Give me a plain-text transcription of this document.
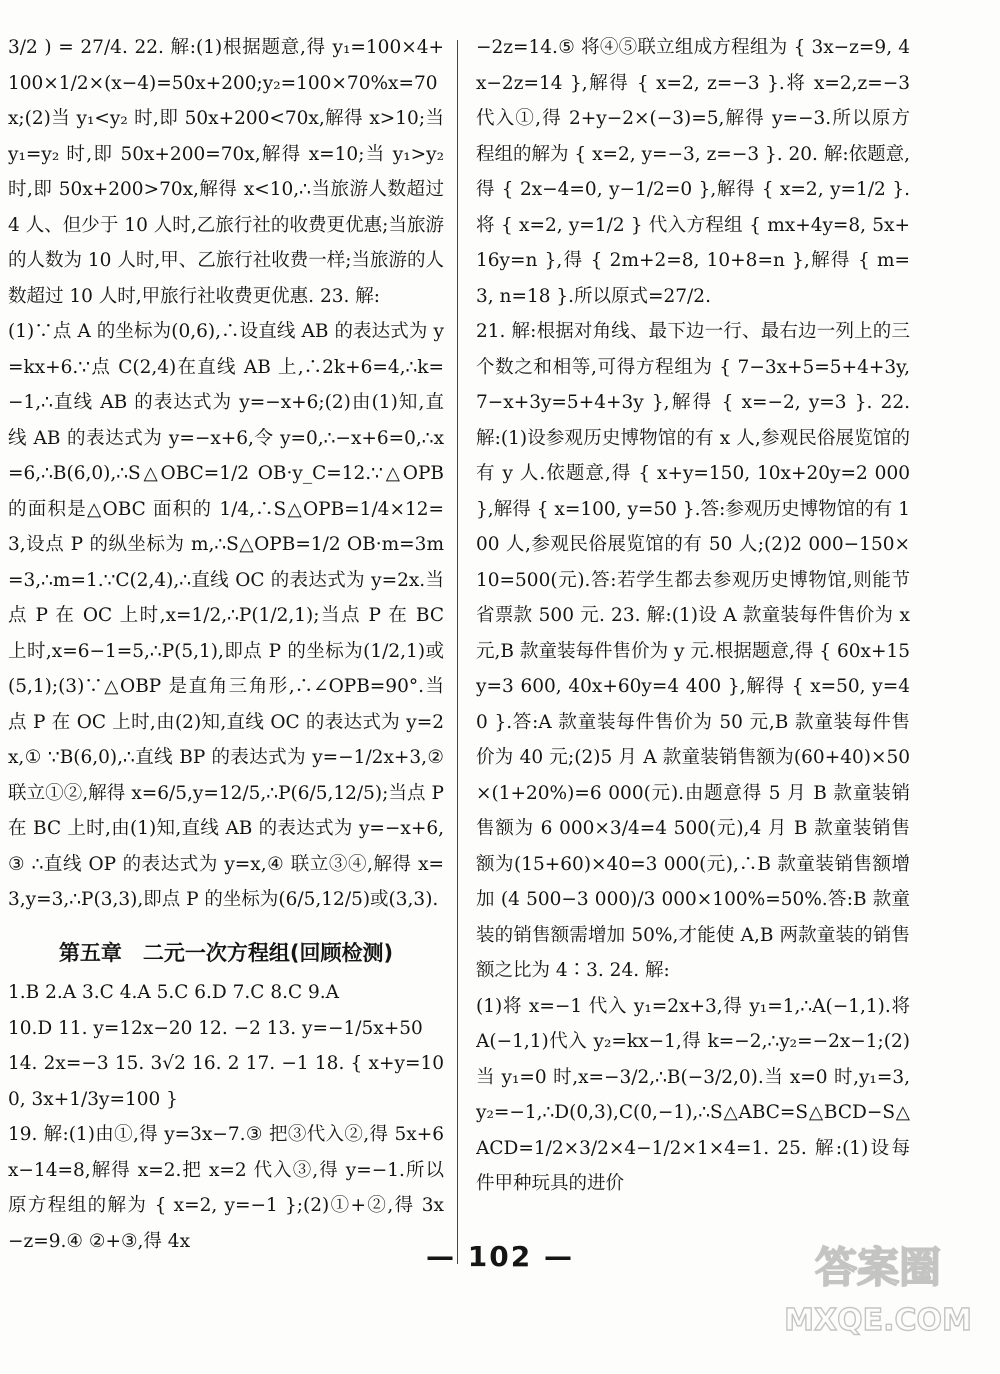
3/2 ) = 27/4. 22. 解:(1)根据题意,得 y₁=100×4+100×1/2×(x−4)=50x+200;y₂=100×70%x=70x;(2)当 y₁<y₂ 时,即 50x+200<70x,解得 x>10;当 y₁=y₂ 时,即 50x+200=70x,解得 x=10;当 y₁>y₂ 时,即 50x+200>70x,解得 x<10,∴当旅游人数超过 4 人、但少于 10 人时,乙旅行社的收费更优惠;当旅游的人数为 10 人时,甲、乙旅行社收费一样;当旅游的人数超过 10 人时,甲旅行社收费更优惠. 23. 解:

(1)∵点 A 的坐标为(0,6),∴设直线 AB 的表达式为 y=kx+6.∵点 C(2,4)在直线 AB 上,∴2k+6=4,∴k=−1,∴直线 AB 的表达式为 y=−x+6;(2)由(1)知,直线 AB 的表达式为 y=−x+6,令 y=0,∴−x+6=0,∴x=6,∴B(6,0),∴S△OBC=1/2 OB·y_C=12.∵△OPB 的面积是△OBC 面积的 1/4,∴S△OPB=1/4×12=3,设点 P 的纵坐标为 m,∴S△OPB=1/2 OB·m=3m=3,∴m=1.∵C(2,4),∴直线 OC 的表达式为 y=2x.当点 P 在 OC 上时,x=1/2,∴P(1/2,1);当点 P 在 BC 上时,x=6−1=5,∴P(5,1),即点 P 的坐标为(1/2,1)或(5,1);(3)∵△OBP 是直角三角形,∴∠OPB=90°.当点 P 在 OC 上时,由(2)知,直线 OC 的表达式为 y=2x,① ∵B(6,0),∴直线 BP 的表达式为 y=−1/2x+3,② 联立①②,解得 x=6/5,y=12/5,∴P(6/5,12/5);当点 P 在 BC 上时,由(1)知,直线 AB 的表达式为 y=−x+6,③ ∴直线 OP 的表达式为 y=x,④ 联立③④,解得 x=3,y=3,∴P(3,3),即点 P 的坐标为(6/5,12/5)或(3,3).

第五章　二元一次方程组(回顾检测)

1.B 2.A 3.C 4.A 5.C 6.D 7.C 8.C 9.A

10.D 11. y=12x−20 12. −2 13. y=−1/5x+50

14. 2x=−3 15. 3√2 16. 2 17. −1 18. { x+y=100, 3x+1/3y=100 }

19. 解:(1)由①,得 y=3x−7.③ 把③代入②,得 5x+6x−14=8,解得 x=2.把 x=2 代入③,得 y=−1.所以原方程组的解为 { x=2, y=−1 };(2)①+②,得 3x−z=9.④ ②+③,得 4x

−2z=14.⑤ 将④⑤联立组成方程组为 { 3x−z=9, 4x−2z=14 },解得 { x=2, z=−3 }.将 x=2,z=−3 代入①,得 2+y−2×(−3)=5,解得 y=−3.所以原方程组的解为 { x=2, y=−3, z=−3 }. 20. 解:依题意,得 { 2x−4=0, y−1/2=0 },解得 { x=2, y=1/2 }.将 { x=2, y=1/2 } 代入方程组 { mx+4y=8, 5x+16y=n },得 { 2m+2=8, 10+8=n },解得 { m=3, n=18 }.所以原式=27/2.

21. 解:根据对角线、最下边一行、最右边一列上的三个数之和相等,可得方程组为 { 7−3x+5=5+4+3y, 7−x+3y=5+4+3y },解得 { x=−2, y=3 }. 22. 解:(1)设参观历史博物馆的有 x 人,参观民俗展览馆的有 y 人.依题意,得 { x+y=150, 10x+20y=2 000 },解得 { x=100, y=50 }.答:参观历史博物馆的有 100 人,参观民俗展览馆的有 50 人;(2)2 000−150×10=500(元).答:若学生都去参观历史博物馆,则能节省票款 500 元. 23. 解:(1)设 A 款童装每件售价为 x 元,B 款童装每件售价为 y 元.根据题意,得 { 60x+15y=3 600, 40x+60y=4 400 },解得 { x=50, y=40 }.答:A 款童装每件售价为 50 元,B 款童装每件售价为 40 元;(2)5 月 A 款童装销售额为(60+40)×50×(1+20%)=6 000(元).由题意得 5 月 B 款童装销售额为 6 000×3/4=4 500(元),4 月 B 款童装销售额为(15+60)×40=3 000(元),∴B 款童装销售额增加 (4 500−3 000)/3 000×100%=50%.答:B 款童装的销售额需增加 50%,才能使 A,B 两款童装的销售额之比为 4∶3. 24. 解:

(1)将 x=−1 代入 y₁=2x+3,得 y₁=1,∴A(−1,1).将 A(−1,1)代入 y₂=kx−1,得 k=−2,∴y₂=−2x−1;(2)当 y₁=0 时,x=−3/2,∴B(−3/2,0).当 x=0 时,y₁=3,y₂=−1,∴D(0,3),C(0,−1),∴S△ABC=S△BCD−S△ACD=1/2×3/2×4−1/2×1×4=1. 25. 解:(1)设每件甲种玩具的进价

— 102 —	答案圈
MXQE.COM
